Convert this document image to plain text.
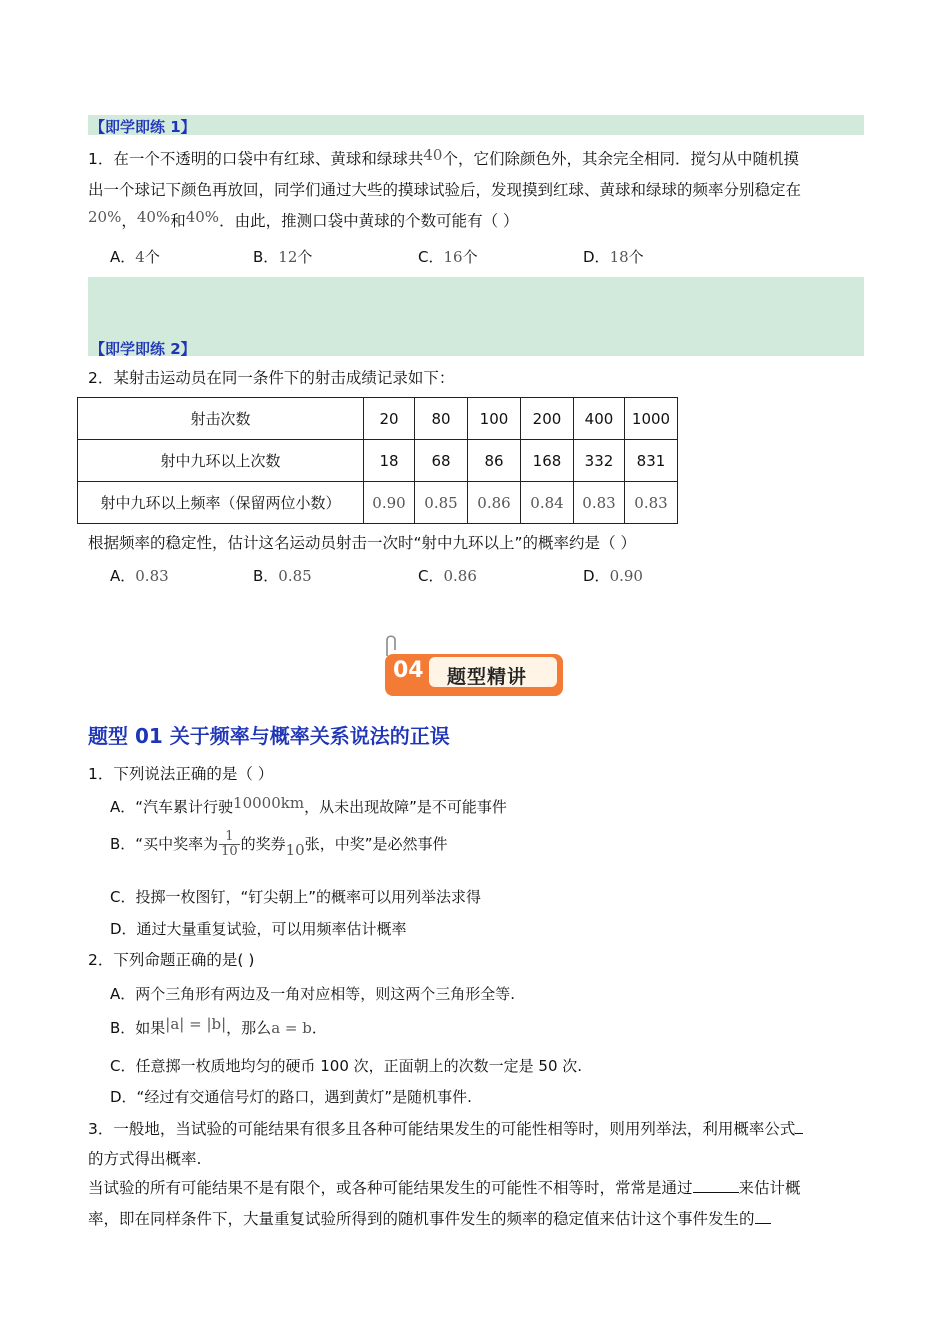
【即学即练 1】
1．在一个不透明的口袋中有红球、黄球和绿球共40个，它们除颜色外，其余完全相同．搅匀从中随机摸
出一个球记下颜色再放回，同学们通过大些的摸球试验后，发现摸到红球、黄球和绿球的频率分别稳定在
20%，40%和40%．由此，推测口袋中黄球的个数可能有（ ）
A．4个	B．12个	C．16个	D．18个
【即学即练 2】
2．某射击运动员在同一条件下的射击成绩记录如下：
射击次数	20	80	100	200	400	1000
射中九环以上次数	18	68	86	168	332	831
射中九环以上频率（保留两位小数）	0.90	0.85	0.86	0.84	0.83	0.83
根据频率的稳定性，估计这名运动员射击一次时“射中九环以上”的概率约是（ ）
A．0.83	B．0.85	C．0.86	D．0.90
04 题型精讲
题型 01 关于频率与概率关系说法的正误
1．下列说法正确的是（ ）
A．“汽车累计行驶10000km，从未出现故障”是不可能事件
B．“买中奖率为 $\frac{1}{10}$ 的奖券10张，中奖”是必然事件
C．投掷一枚图钉，“钉尖朝上”的概率可以用列举法求得
D．通过大量重复试验，可以用频率估计概率
2．下列命题正确的是( )
A．两个三角形有两边及一角对应相等，则这两个三角形全等.
B．如果|a| = |b|，那么a = b．
C．任意掷一枚质地均匀的硬币 100 次，正面朝上的次数一定是 50 次.
D．“经过有交通信号灯的路口，遇到黄灯”是随机事件.
3．一般地，当试验的可能结果有很多且各种可能结果发生的可能性相等时，则用列举法，利用概率公式
的方式得出概率.
当试验的所有可能结果不是有限个，或各种可能结果发生的可能性不相等时，常常是通过	来估计概
率，即在同样条件下，大量重复试验所得到的随机事件发生的频率的稳定值来估计这个事件发生的
